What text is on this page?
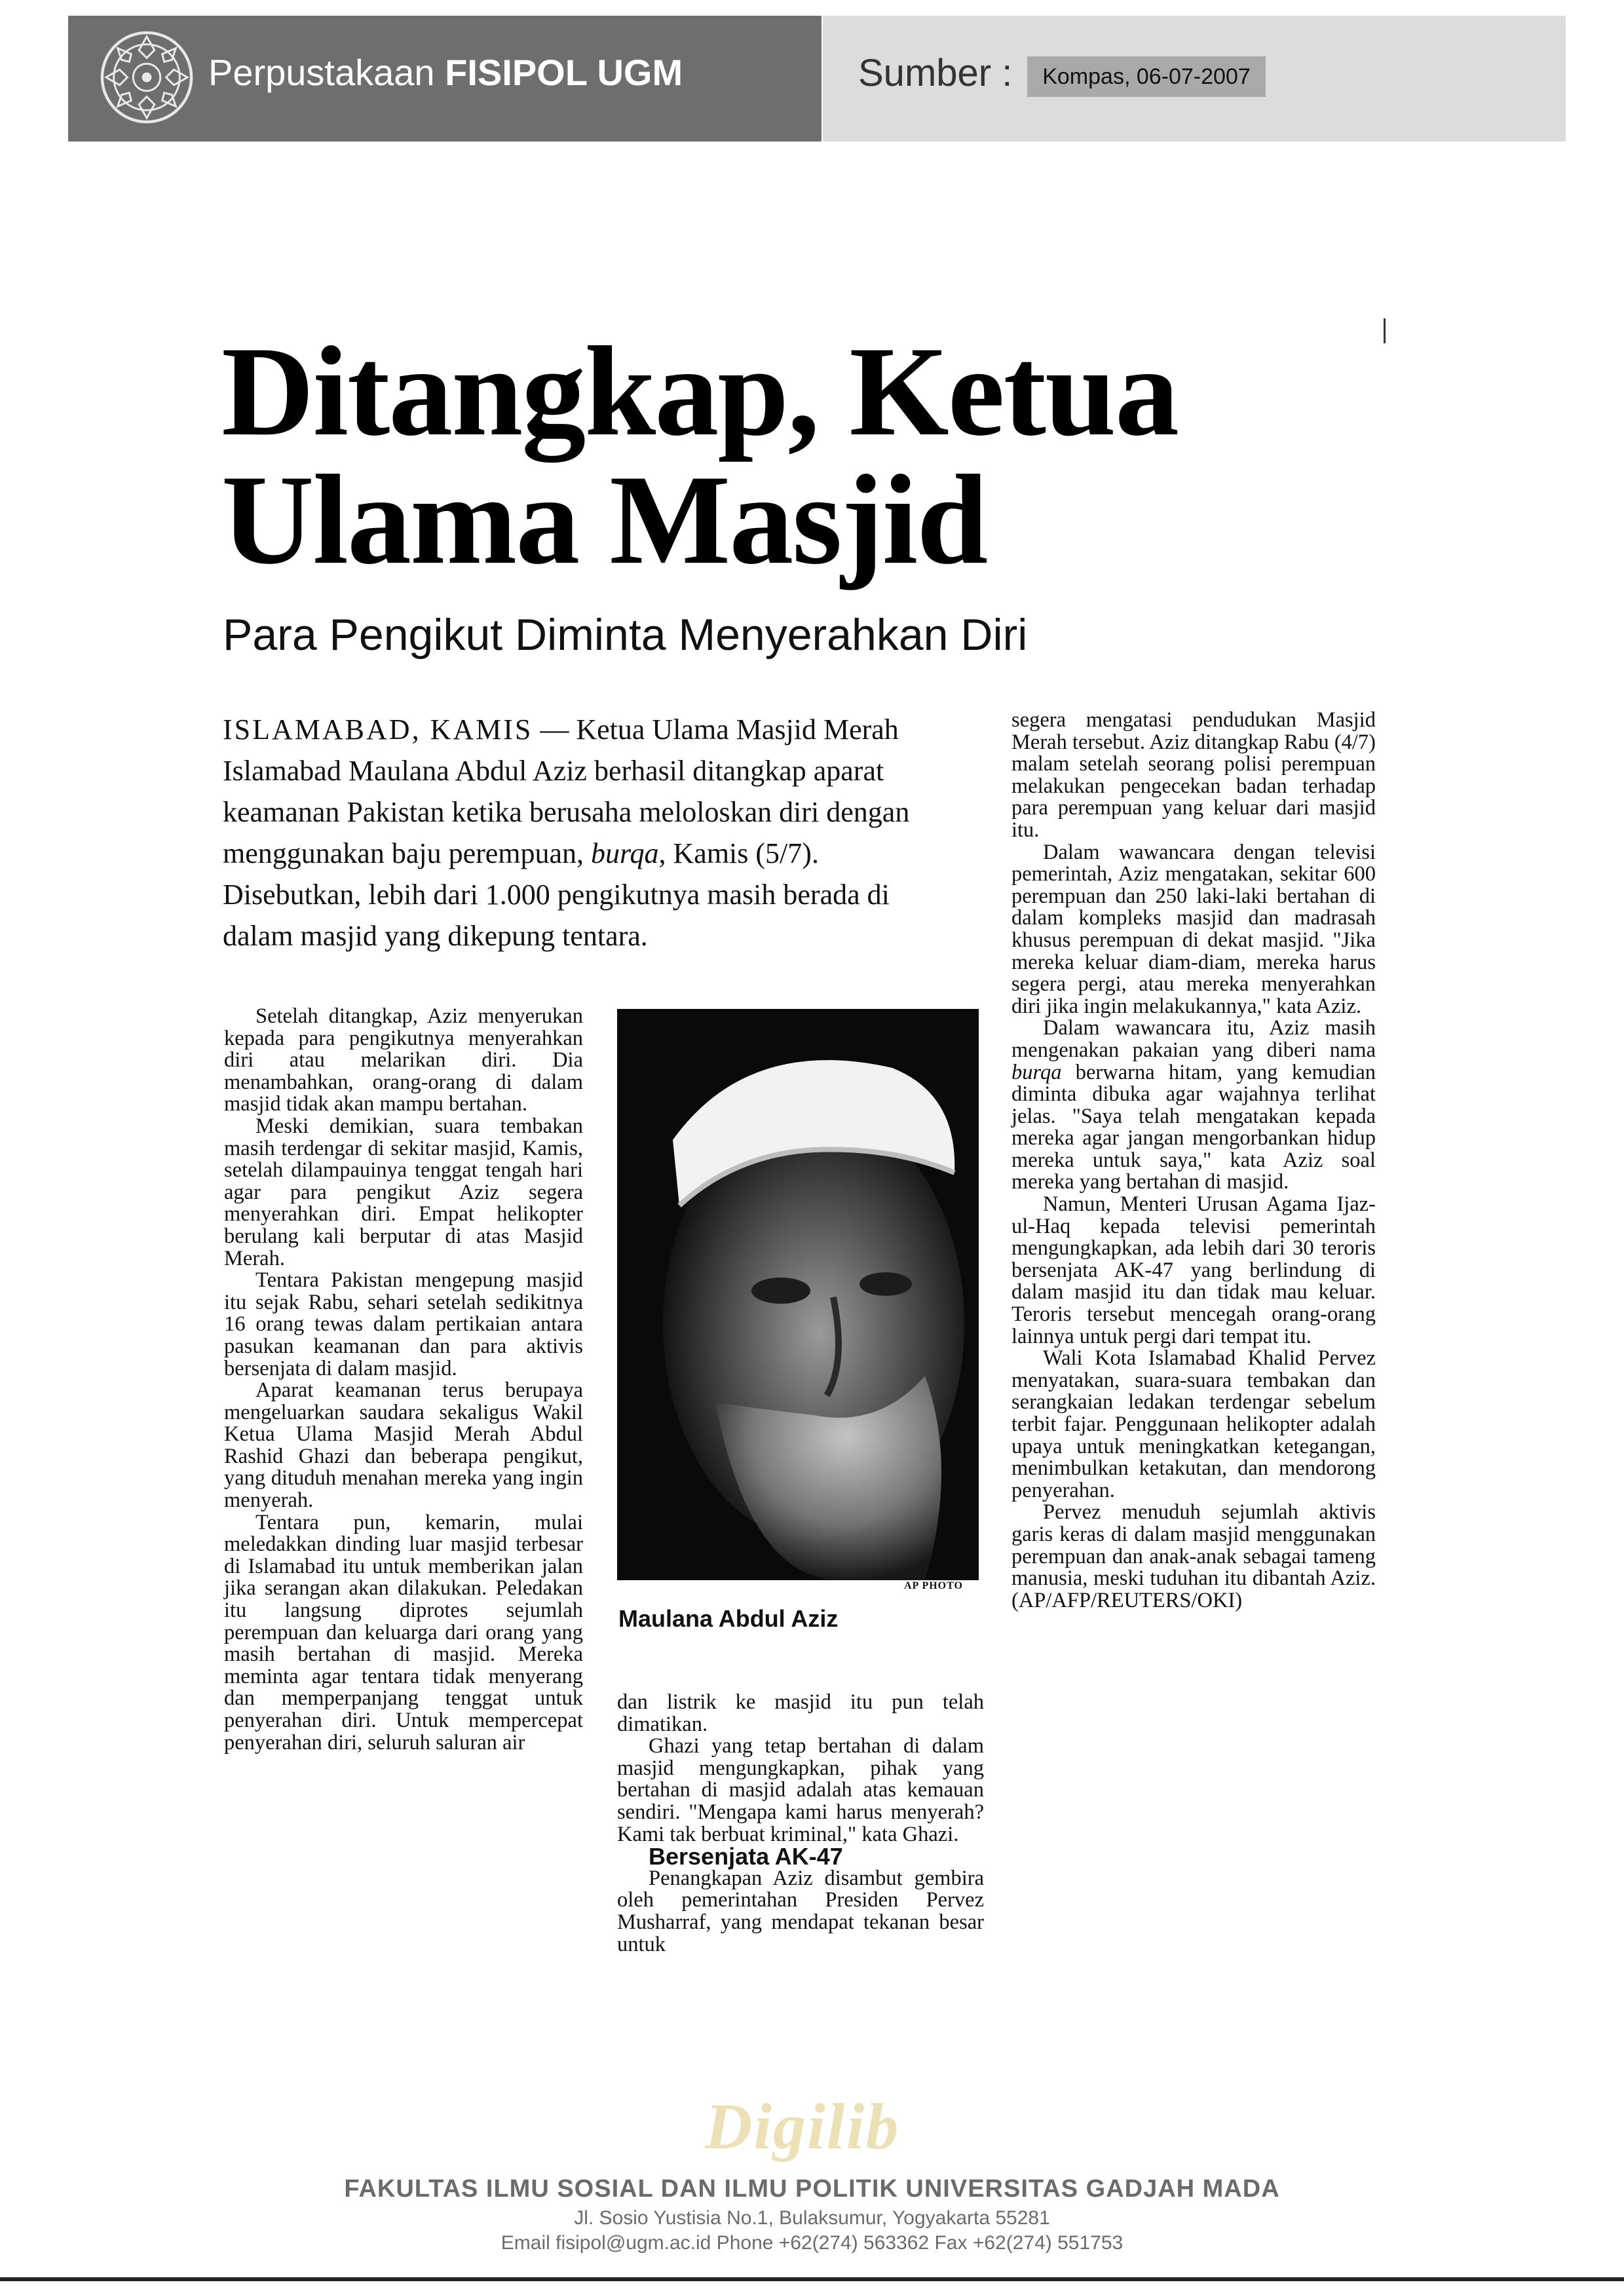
Perpustakaan FISIPOL UGM	Sumber :	Kompas, 06-07-2007
Ditangkap, Ketua
Ulama Masjid
Para Pengikut Diminta Menyerahkan Diri
ISLAMABAD, KAMIS — Ketua Ulama Masjid Merah Islamabad Maulana Abdul Aziz berhasil ditangkap aparat keamanan Pakistan ketika berusaha meloloskan diri dengan menggunakan baju perempuan, burqa, Kamis (5/7). Disebutkan, lebih dari 1.000 pengikutnya masih berada di dalam masjid yang dikepung tentara.

Setelah ditangkap, Aziz menyerukan kepada para pengikutnya menyerahkan diri atau melarikan diri. Dia menambahkan, orang-orang di dalam masjid tidak akan mampu bertahan.

Meski demikian, suara tembakan masih terdengar di sekitar masjid, Kamis, setelah dilampauinya tenggat tengah hari agar para pengikut Aziz segera menyerahkan diri. Empat helikopter berulang kali berputar di atas Masjid Merah.

Tentara Pakistan mengepung masjid itu sejak Rabu, sehari setelah sedikitnya 16 orang tewas dalam pertikaian antara pasukan keamanan dan para aktivis bersenjata di dalam masjid.

Aparat keamanan terus berupaya mengeluarkan saudara sekaligus Wakil Ketua Ulama Masjid Merah Abdul Rashid Ghazi dan beberapa pengikut, yang dituduh menahan mereka yang ingin menyerah.

Tentara pun, kemarin, mulai meledakkan dinding luar masjid terbesar di Islamabad itu untuk memberikan jalan jika serangan akan dilakukan. Peledakan itu langsung diprotes sejumlah perempuan dan keluarga dari orang yang masih bertahan di masjid. Mereka meminta agar tentara tidak menyerang dan memperpanjang tenggat untuk penyerahan diri. Untuk mempercepat penyerahan diri, seluruh saluran air

AP PHOTO
Maulana Abdul Aziz

dan listrik ke masjid itu pun telah dimatikan.

Ghazi yang tetap bertahan di dalam masjid mengungkapkan, pihak yang bertahan di masjid adalah atas kemauan sendiri. "Mengapa kami harus menyerah? Kami tak berbuat kriminal," kata Ghazi.

Bersenjata AK-47

Penangkapan Aziz disambut gembira oleh pemerintahan Presiden Pervez Musharraf, yang mendapat tekanan besar untuk

segera mengatasi pendudukan Masjid Merah tersebut. Aziz ditangkap Rabu (4/7) malam setelah seorang polisi perempuan melakukan pengecekan badan terhadap para perempuan yang keluar dari masjid itu.

Dalam wawancara dengan televisi pemerintah, Aziz mengatakan, sekitar 600 perempuan dan 250 laki-laki bertahan di dalam kompleks masjid dan madrasah khusus perempuan di dekat masjid. "Jika mereka keluar diam-diam, mereka harus segera pergi, atau mereka menyerahkan diri jika ingin melakukannya," kata Aziz.

Dalam wawancara itu, Aziz masih mengenakan pakaian yang diberi nama burqa berwarna hitam, yang kemudian diminta dibuka agar wajahnya terlihat jelas. "Saya telah mengatakan kepada mereka agar jangan mengorbankan hidup mereka untuk saya," kata Aziz soal mereka yang bertahan di masjid.

Namun, Menteri Urusan Agama Ijaz-ul-Haq kepada televisi pemerintah mengungkapkan, ada lebih dari 30 teroris bersenjata AK-47 yang berlindung di dalam masjid itu dan tidak mau keluar. Teroris tersebut mencegah orang-orang lainnya untuk pergi dari tempat itu.

Wali Kota Islamabad Khalid Pervez menyatakan, suara-suara tembakan dan serangkaian ledakan terdengar sebelum terbit fajar. Penggunaan helikopter adalah upaya untuk meningkatkan ketegangan, menimbulkan ketakutan, dan mendorong penyerahan.

Pervez menuduh sejumlah aktivis garis keras di dalam masjid menggunakan perempuan dan anak-anak sebagai tameng manusia, meski tuduhan itu dibantah Aziz. (AP/AFP/REUTERS/OKI)

Digilib
FAKULTAS ILMU SOSIAL DAN ILMU POLITIK UNIVERSITAS GADJAH MADA
Jl. Sosio Yustisia No.1, Bulaksumur, Yogyakarta 55281
Email fisipol@ugm.ac.id Phone +62(274) 563362 Fax +62(274) 551753
